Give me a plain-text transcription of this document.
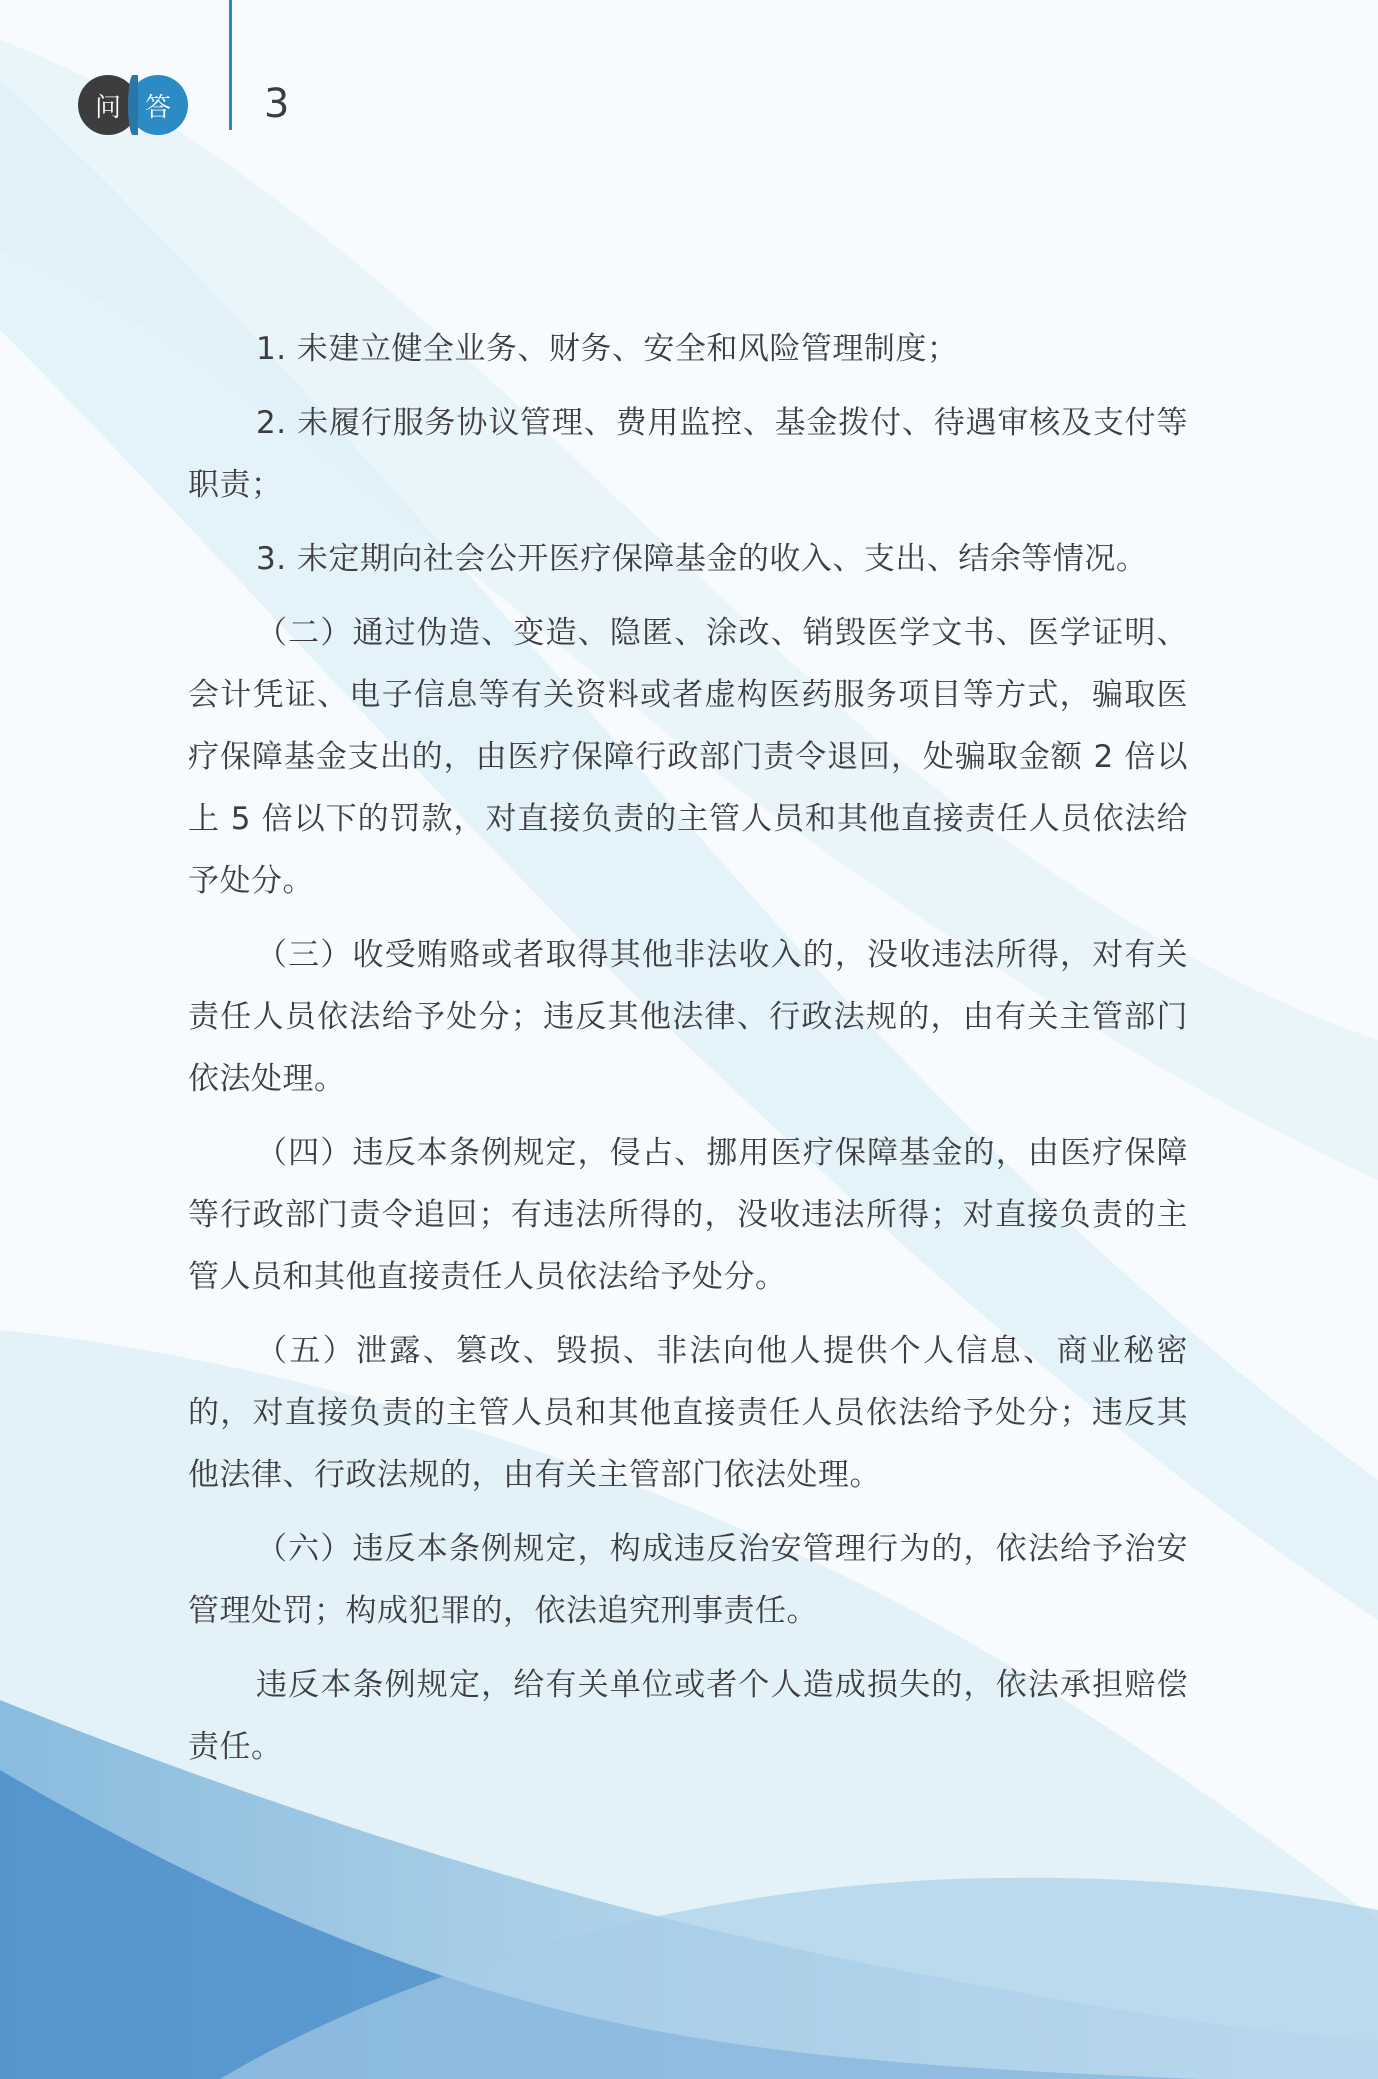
问 答 3

1. 未建立健全业务、财务、安全和风险管理制度；

2. 未履行服务协议管理、费用监控、基金拨付、待遇审核及支付等职责；

3. 未定期向社会公开医疗保障基金的收入、支出、结余等情况。

（二）通过伪造、变造、隐匿、涂改、销毁医学文书、医学证明、会计凭证、电子信息等有关资料或者虚构医药服务项目等方式，骗取医疗保障基金支出的，由医疗保障行政部门责令退回，处骗取金额 2 倍以上 5 倍以下的罚款，对直接负责的主管人员和其他直接责任人员依法给予处分。

（三）收受贿赂或者取得其他非法收入的，没收违法所得，对有关责任人员依法给予处分；违反其他法律、行政法规的，由有关主管部门依法处理。

（四）违反本条例规定，侵占、挪用医疗保障基金的，由医疗保障等行政部门责令追回；有违法所得的，没收违法所得；对直接负责的主管人员和其他直接责任人员依法给予处分。

（五）泄露、篡改、毁损、非法向他人提供个人信息、商业秘密的，对直接负责的主管人员和其他直接责任人员依法给予处分；违反其他法律、行政法规的，由有关主管部门依法处理。

（六）违反本条例规定，构成违反治安管理行为的，依法给予治安管理处罚；构成犯罪的，依法追究刑事责任。

违反本条例规定，给有关单位或者个人造成损失的，依法承担赔偿责任。
